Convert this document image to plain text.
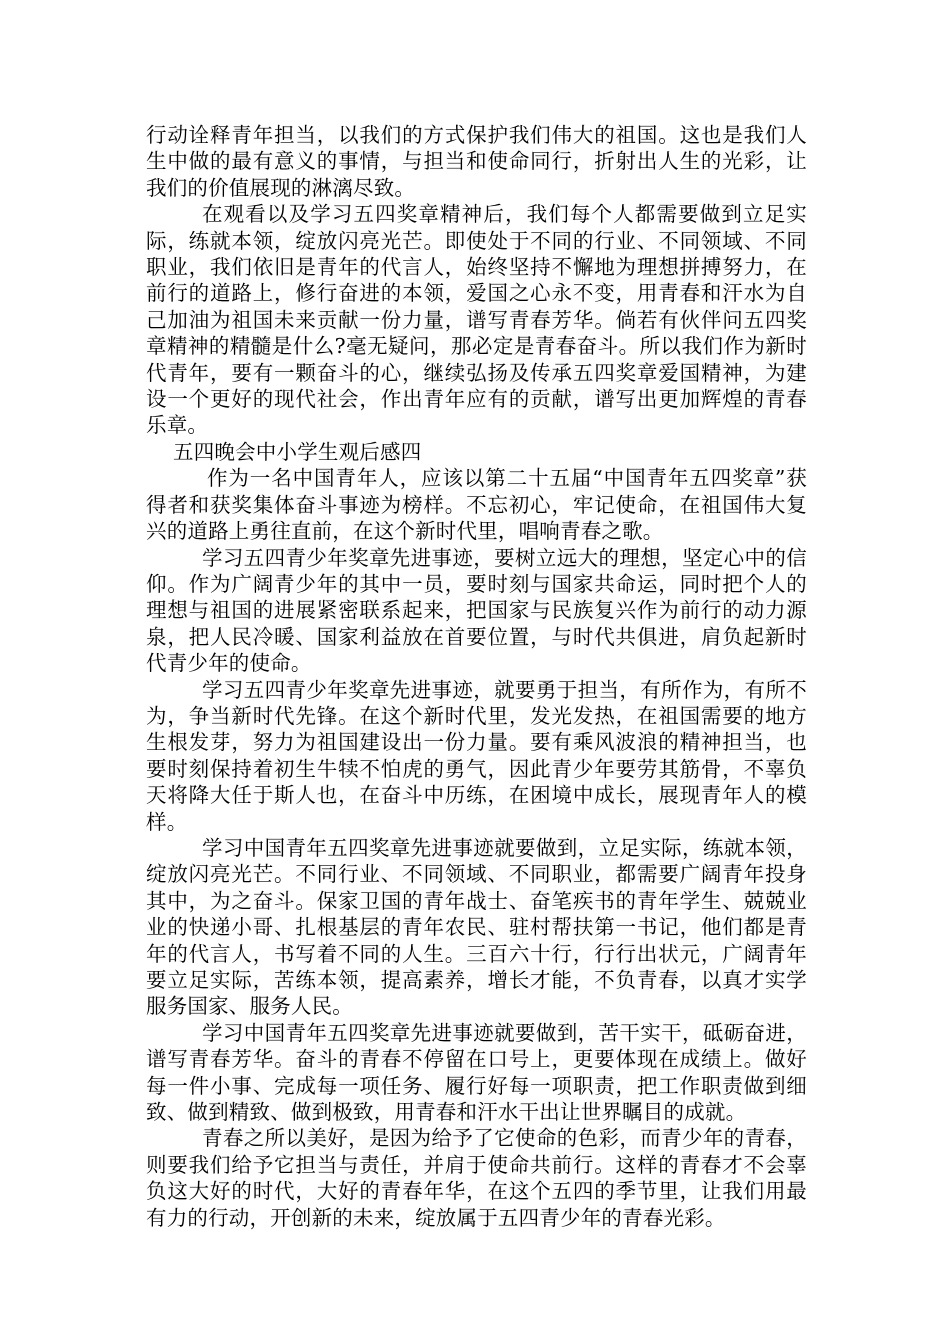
行动诠释青年担当，以我们的方式保护我们伟大的祖国。这也是我们人生中做的最有意义的事情，与担当和使命同行，折射出人生的光彩，让我们的价值展现的淋漓尽致。

在观看以及学习五四奖章精神后，我们每个人都需要做到立足实际，练就本领，绽放闪亮光芒。即使处于不同的行业、不同领域、不同职业，我们依旧是青年的代言人，始终坚持不懈地为理想拼搏努力，在前行的道路上，修行奋进的本领，爱国之心永不变，用青春和汗水为自己加油为祖国未来贡献一份力量，谱写青春芳华。倘若有伙伴问五四奖章精神的精髓是什么?毫无疑问，那必定是青春奋斗。所以我们作为新时代青年，要有一颗奋斗的心，继续弘扬及传承五四奖章爱国精神，为建设一个更好的现代社会，作出青年应有的贡献，谱写出更加辉煌的青春乐章。

五四晚会中小学生观后感四

作为一名中国青年人，应该以第二十五届“中国青年五四奖章”获得者和获奖集体奋斗事迹为榜样。不忘初心，牢记使命，在祖国伟大复兴的道路上勇往直前，在这个新时代里，唱响青春之歌。

学习五四青少年奖章先进事迹，要树立远大的理想，坚定心中的信仰。作为广阔青少年的其中一员，要时刻与国家共命运，同时把个人的理想与祖国的进展紧密联系起来，把国家与民族复兴作为前行的动力源泉，把人民冷暖、国家利益放在首要位置，与时代共俱进，肩负起新时代青少年的使命。

学习五四青少年奖章先进事迹，就要勇于担当，有所作为，有所不为，争当新时代先锋。在这个新时代里，发光发热，在祖国需要的地方生根发芽，努力为祖国建设出一份力量。要有乘风波浪的精神担当，也要时刻保持着初生牛犊不怕虎的勇气，因此青少年要劳其筋骨，不辜负天将降大任于斯人也，在奋斗中历练，在困境中成长，展现青年人的模样。

学习中国青年五四奖章先进事迹就要做到，立足实际，练就本领，绽放闪亮光芒。不同行业、不同领域、不同职业，都需要广阔青年投身其中，为之奋斗。保家卫国的青年战士、奋笔疾书的青年学生、兢兢业业的快递小哥、扎根基层的青年农民、驻村帮扶第一书记，他们都是青年的代言人，书写着不同的人生。三百六十行，行行出状元，广阔青年要立足实际，苦练本领，提高素养，增长才能，不负青春，以真才实学服务国家、服务人民。

学习中国青年五四奖章先进事迹就要做到，苦干实干，砥砺奋进，谱写青春芳华。奋斗的青春不停留在口号上，更要体现在成绩上。做好每一件小事、完成每一项任务、履行好每一项职责，把工作职责做到细致、做到精致、做到极致，用青春和汗水干出让世界瞩目的成就。

青春之所以美好，是因为给予了它使命的色彩，而青少年的青春，则要我们给予它担当与责任，并肩于使命共前行。这样的青春才不会辜负这大好的时代，大好的青春年华，在这个五四的季节里，让我们用最有力的行动，开创新的未来，绽放属于五四青少年的青春光彩。
